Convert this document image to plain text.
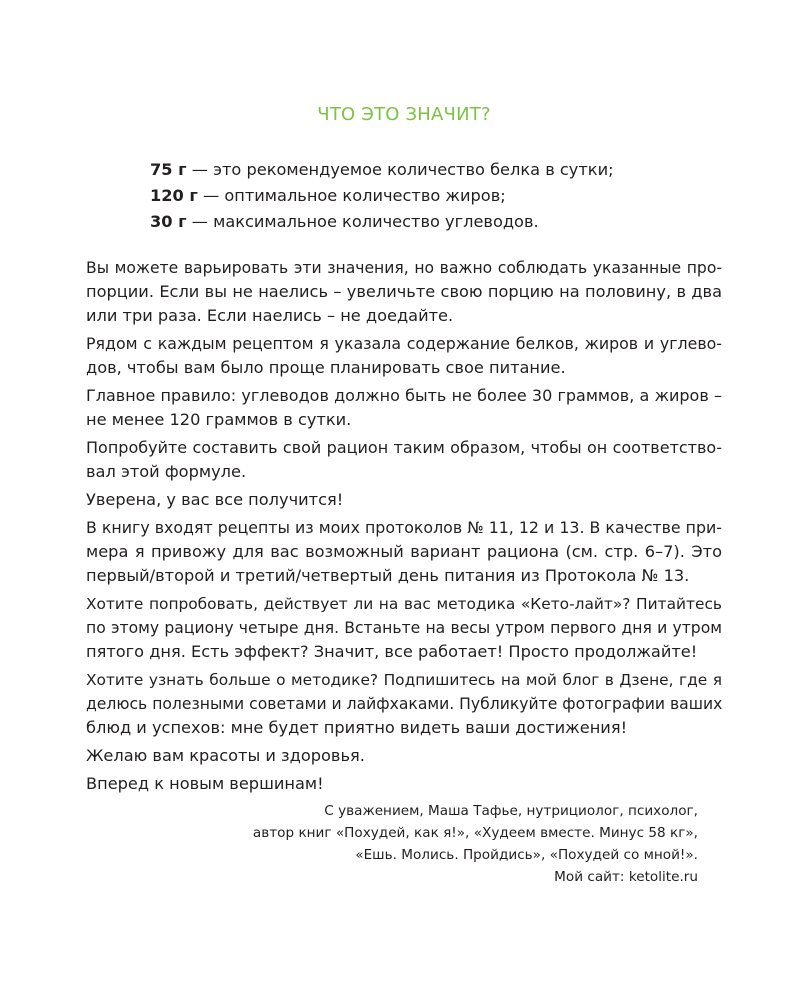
ЧТО ЭТО ЗНАЧИТ?
75 г — это рекомендуемое количество белка в сутки;
120 г — оптимальное количество жиров;
30 г — максимальное количество углеводов.
Вы можете варьировать эти значения, но важно соблюдать указанные про-
порции. Если вы не наелись – увеличьте свою порцию на половину, в два
или три раза. Если наелись – не доедайте.
Рядом с каждым рецептом я указала содержание белков, жиров и углево-
дов, чтобы вам было проще планировать свое питание.
Главное правило: углеводов должно быть не более 30 граммов, а жиров –
не менее 120 граммов в сутки.
Попробуйте составить свой рацион таким образом, чтобы он соответство-
вал этой формуле.
Уверена, у вас все получится!
В книгу входят рецепты из моих протоколов № 11, 12 и 13. В качестве при-
мера я привожу для вас возможный вариант рациона (см. стр. 6–7). Это
первый/второй и третий/четвертый день питания из Протокола № 13.
Хотите попробовать, действует ли на вас методика «Кето-лайт»? Питайтесь
по этому рациону четыре дня. Встаньте на весы утром первого дня и утром
пятого дня. Есть эффект? Значит, все работает! Просто продолжайте!
Хотите узнать больше о методике? Подпишитесь на мой блог в Дзене, где я
делюсь полезными советами и лайфхаками. Публикуйте фотографии ваших
блюд и успехов: мне будет приятно видеть ваши достижения!
Желаю вам красоты и здоровья.
Вперед к новым вершинам!
С уважением, Маша Тафье, нутрициолог, психолог,
автор книг «Похудей, как я!», «Худеем вместе. Минус 58 кг»,
«Ешь. Молись. Пройдись», «Похудей со мной!».
Мой сайт: ketolite.ru
